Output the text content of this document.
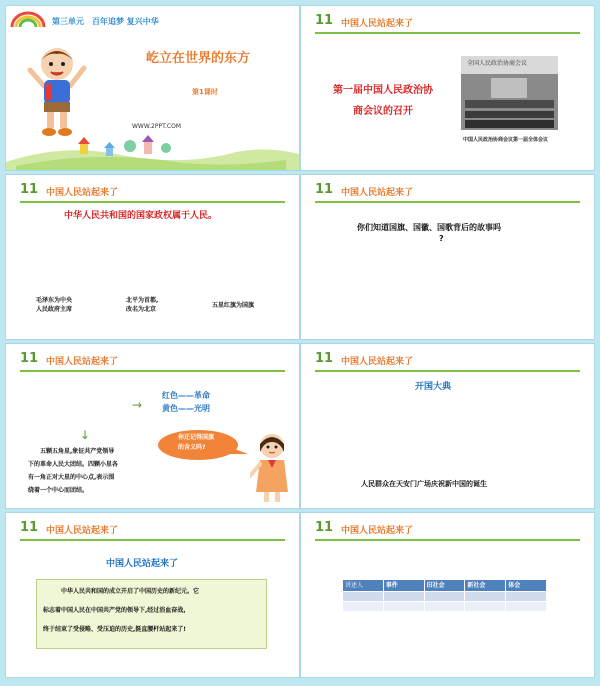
第三单元 百年追梦 复兴中华
屹立在世界的东方
第1课时
WWW.2PPT.COM
11 中国人民站起来了
第一届中国人民政治协
商会议的召开
全国人民政治协商会议
中国人民政治协商会议第一届全体会议
11 中国人民站起来了
中华人民共和国的国家政权属于人民。
毛泽东为中央
人民政府主席
北平为首都,
改名为北京
五星红旗为国旗
11 中国人民站起来了
你们知道国旗、国徽、国歌背后的故事吗
?
11 中国人民站起来了
→
红色——革命
黄色——光明
↓
五颗五角星,象征共产党领导
下的革命人民大团结。四颗小星各
有一角正对大星的中心点,表示围
绕着一个中心而团结。
你还记得国旗
的含义吗?
11 中国人民站起来了
开国大典
人民群众在天安门广场庆祝新中国的诞生
11 中国人民站起来了
中国人民站起来了
中华人民共和国的成立开启了中国历史的新纪元。它
标志着中国人民在中国共产党的领导下,经过浴血奋战,
终于结束了受侵略、受压迫的历史,挺直腰杆站起来了!
11 中国人民站起来了
讲述人	事件	旧社会	新社会	体会
